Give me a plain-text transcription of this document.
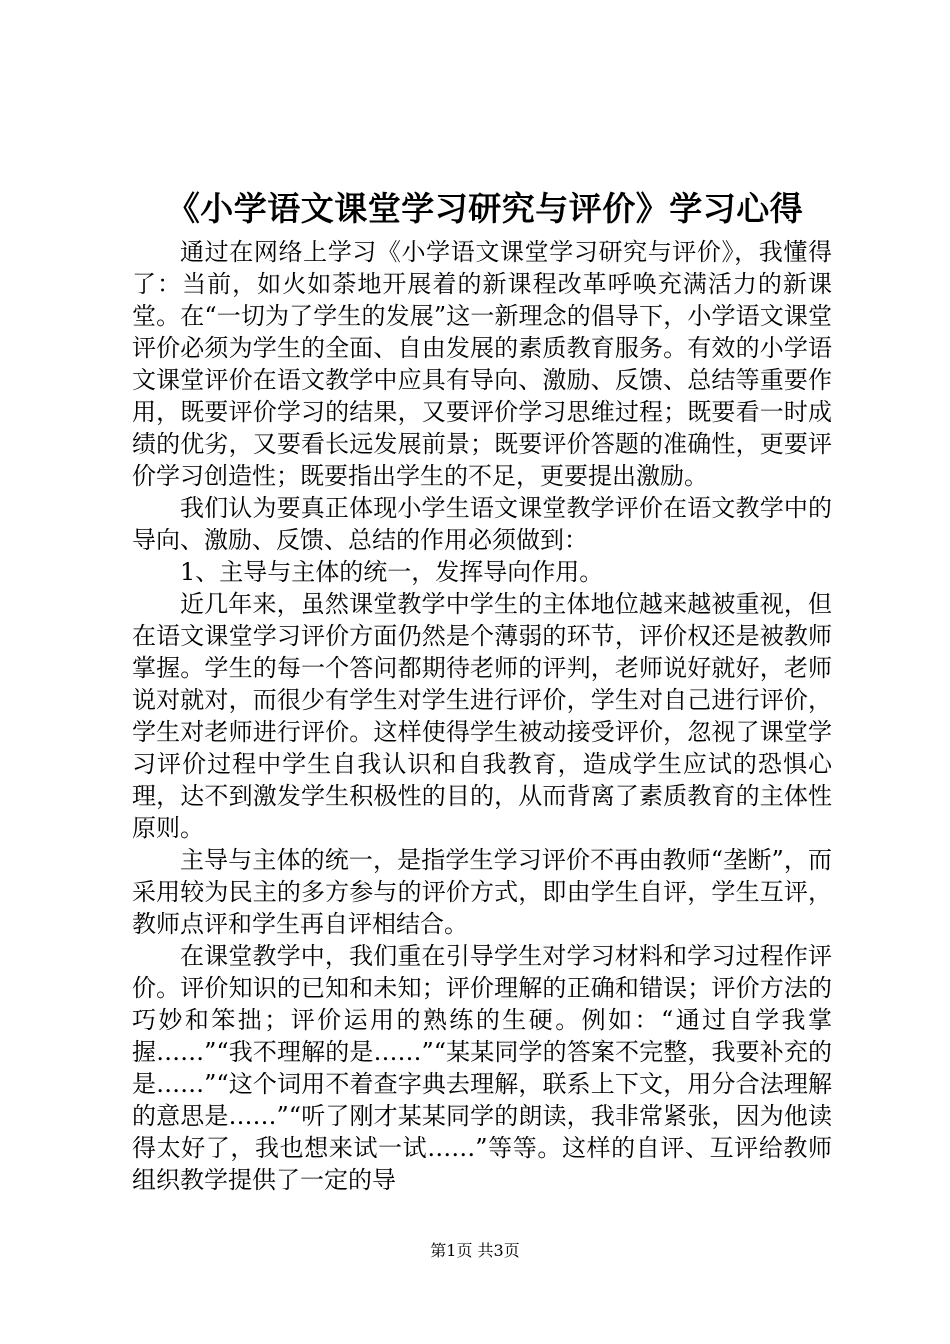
《小学语文课堂学习研究与评价》学习心得

通过在网络上学习《小学语文课堂学习研究与评价》，我懂得了：当前，如火如荼地开展着的新课程改革呼唤充满活力的新课堂。在“一切为了学生的发展”这一新理念的倡导下，小学语文课堂评价必须为学生的全面、自由发展的素质教育服务。有效的小学语文课堂评价在语文教学中应具有导向、激励、反馈、总结等重要作用，既要评价学习的结果，又要评价学习思维过程；既要看一时成绩的优劣，又要看长远发展前景；既要评价答题的准确性，更要评价学习创造性；既要指出学生的不足，更要提出激励。

我们认为要真正体现小学生语文课堂教学评价在语文教学中的导向、激励、反馈、总结的作用必须做到：

1、主导与主体的统一，发挥导向作用。

近几年来，虽然课堂教学中学生的主体地位越来越被重视，但在语文课堂学习评价方面仍然是个薄弱的环节，评价权还是被教师掌握。学生的每一个答问都期待老师的评判，老师说好就好，老师说对就对，而很少有学生对学生进行评价，学生对自己进行评价，学生对老师进行评价。这样使得学生被动接受评价，忽视了课堂学习评价过程中学生自我认识和自我教育，造成学生应试的恐惧心理，达不到激发学生积极性的目的，从而背离了素质教育的主体性原则。

主导与主体的统一，是指学生学习评价不再由教师“垄断”，而采用较为民主的多方参与的评价方式，即由学生自评，学生互评，教师点评和学生再自评相结合。

在课堂教学中，我们重在引导学生对学习材料和学习过程作评价。评价知识的已知和未知；评价理解的正确和错误；评价方法的巧妙和笨拙；评价运用的熟练的生硬。例如：“通过自学我掌握……”“我不理解的是……”“某某同学的答案不完整，我要补充的是……”“这个词用不着查字典去理解，联系上下文，用分合法理解的意思是……”“听了刚才某某同学的朗读，我非常紧张，因为他读得太好了，我也想来试一试……”等等。这样的自评、互评给教师组织教学提供了一定的导

第1页 共3页
